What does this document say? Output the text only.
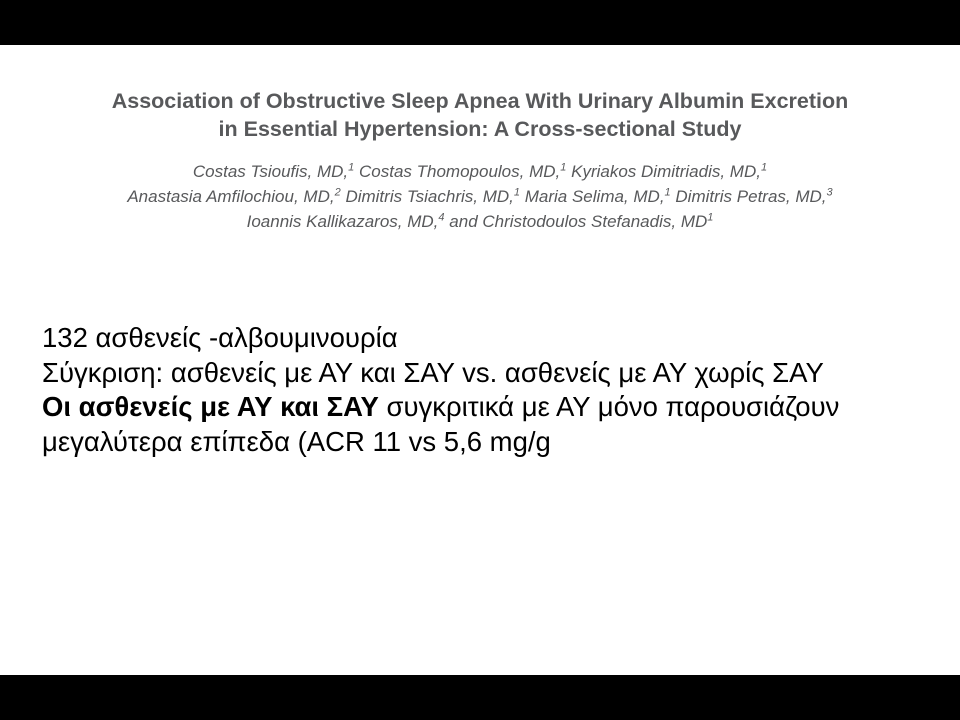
Association of Obstructive Sleep Apnea With Urinary Albumin Excretion
in Essential Hypertension: A Cross-sectional Study
Costas Tsioufis, MD,$^1$ Costas Thomopoulos, MD,$^1$ Kyriakos Dimitriadis, MD,$^1$
Anastasia Amfilochiou, MD,$^2$ Dimitris Tsiachris, MD,$^1$ Maria Selima, MD,$^1$ Dimitris Petras, MD,$^3$
Ioannis Kallikazaros, MD,$^4$ and Christodoulos Stefanadis, $MD^1$
132 ασθενείς -αλβουμινουρία
Σύγκριση: ασθενείς με ΑΥ και ΣΑΥ vs. ασθενείς με ΑΥ χωρίς ΣΑΥ
Οι ασθενείς με ΑΥ και ΣΑΥ συγκριτικά με ΑΥ μόνο παρουσιάζουν μεγαλύτερα επίπεδα (ACR 11 vs 5,6 mg/g
